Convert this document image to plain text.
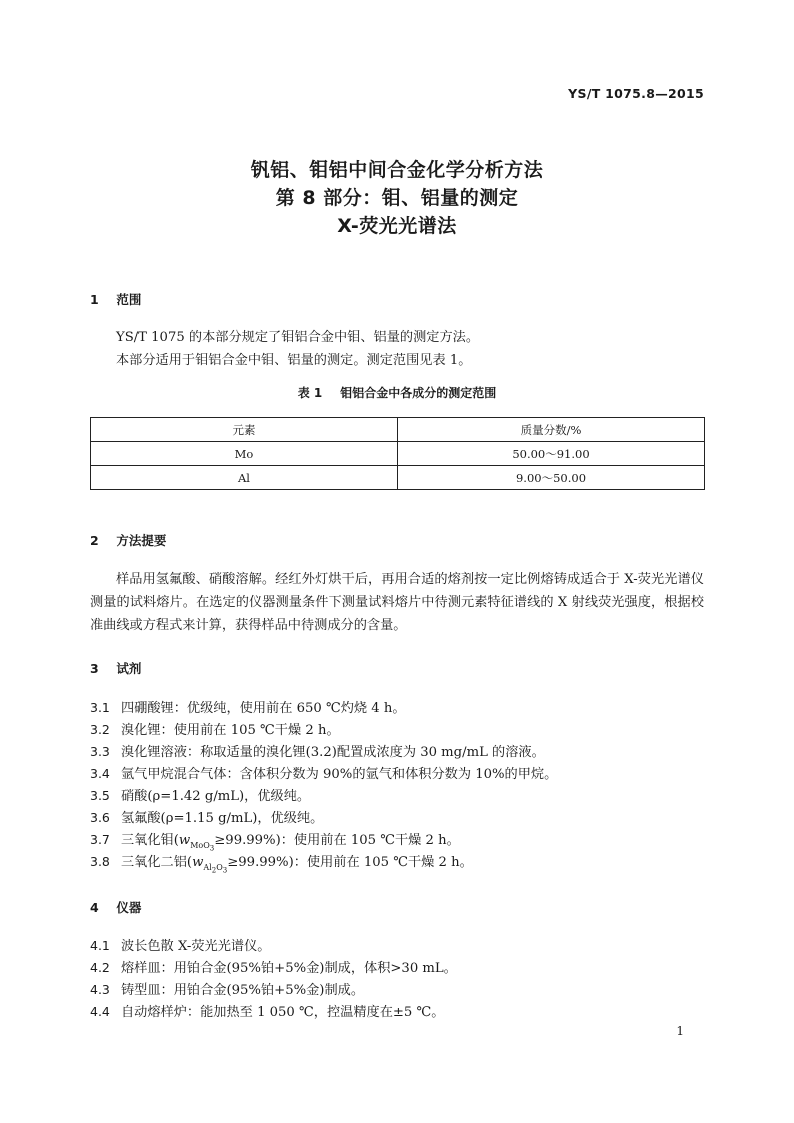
YS/T 1075.8—2015
钒铝、钼铝中间合金化学分析方法
第 8 部分：钼、铝量的测定
X-荧光光谱法
1 范围
YS/T 1075 的本部分规定了钼铝合金中钼、铝量的测定方法。
本部分适用于钼铝合金中钼、铝量的测定。测定范围见表 1。
表 1 钼铝合金中各成分的测定范围
元素	质量分数/%
Mo	50.00～91.00
Al	9.00～50.00
2 方法提要
样品用氢氟酸、硝酸溶解。经红外灯烘干后，再用合适的熔剂按一定比例熔铸成适合于 X-荧光光谱仪测量的试料熔片。在选定的仪器测量条件下测量试料熔片中待测元素特征谱线的 X 射线荧光强度，根据校准曲线或方程式来计算，获得样品中待测成分的含量。
3 试剂
3.1 四硼酸锂：优级纯，使用前在 650 ℃灼烧 4 h。
3.2 溴化锂：使用前在 105 ℃干燥 2 h。
3.3 溴化锂溶液：称取适量的溴化锂(3.2)配置成浓度为 30 mg/mL 的溶液。
3.4 氩气甲烷混合气体：含体积分数为 90%的氩气和体积分数为 10%的甲烷。
3.5 硝酸(ρ=1.42 g/mL)，优级纯。
3.6 氢氟酸(ρ=1.15 g/mL)，优级纯。
3.7 三氧化钼$(w_{MoO_3}\ge 99.99\%)$：使用前在 105 ℃干燥 2 h。
3.8 三氧化二铝$(w_{Al_2O_3}\ge 99.99\%)$：使用前在 105 ℃干燥 2 h。
4 仪器
4.1 波长色散 X-荧光光谱仪。
4.2 熔样皿：用铂合金(95%铂+5%金)制成，体积>30 mL。
4.3 铸型皿：用铂合金(95%铂+5%金)制成。
4.4 自动熔样炉：能加热至 1 050 ℃，控温精度在±5 ℃。
1
